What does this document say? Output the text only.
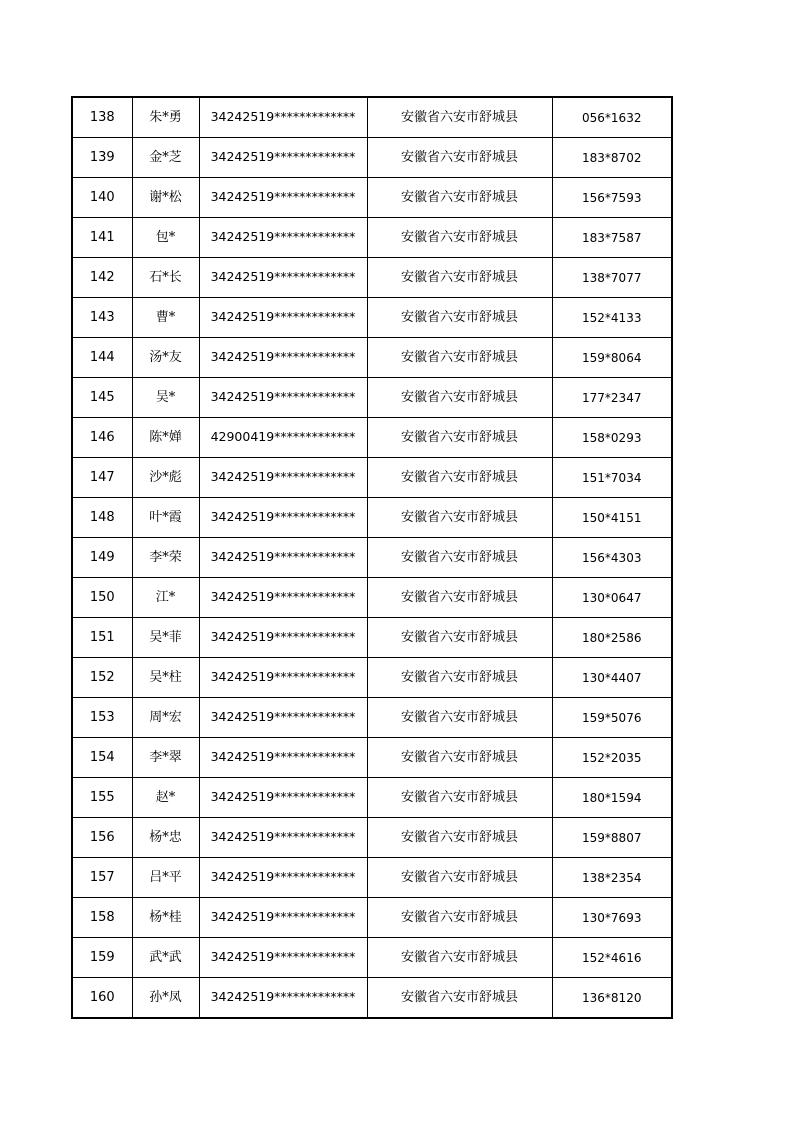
138	朱*勇	34242519*************	安徽省六安市舒城县	056*1632
139	金*芝	34242519*************	安徽省六安市舒城县	183*8702
140	谢*松	34242519*************	安徽省六安市舒城县	156*7593
141	包*	34242519*************	安徽省六安市舒城县	183*7587
142	石*长	34242519*************	安徽省六安市舒城县	138*7077
143	曹*	34242519*************	安徽省六安市舒城县	152*4133
144	汤*友	34242519*************	安徽省六安市舒城县	159*8064
145	吴*	34242519*************	安徽省六安市舒城县	177*2347
146	陈*婵	42900419*************	安徽省六安市舒城县	158*0293
147	沙*彪	34242519*************	安徽省六安市舒城县	151*7034
148	叶*霞	34242519*************	安徽省六安市舒城县	150*4151
149	李*荣	34242519*************	安徽省六安市舒城县	156*4303
150	江*	34242519*************	安徽省六安市舒城县	130*0647
151	吴*菲	34242519*************	安徽省六安市舒城县	180*2586
152	吴*柱	34242519*************	安徽省六安市舒城县	130*4407
153	周*宏	34242519*************	安徽省六安市舒城县	159*5076
154	李*翠	34242519*************	安徽省六安市舒城县	152*2035
155	赵*	34242519*************	安徽省六安市舒城县	180*1594
156	杨*忠	34242519*************	安徽省六安市舒城县	159*8807
157	吕*平	34242519*************	安徽省六安市舒城县	138*2354
158	杨*桂	34242519*************	安徽省六安市舒城县	130*7693
159	武*武	34242519*************	安徽省六安市舒城县	152*4616
160	孙*凤	34242519*************	安徽省六安市舒城县	136*8120
